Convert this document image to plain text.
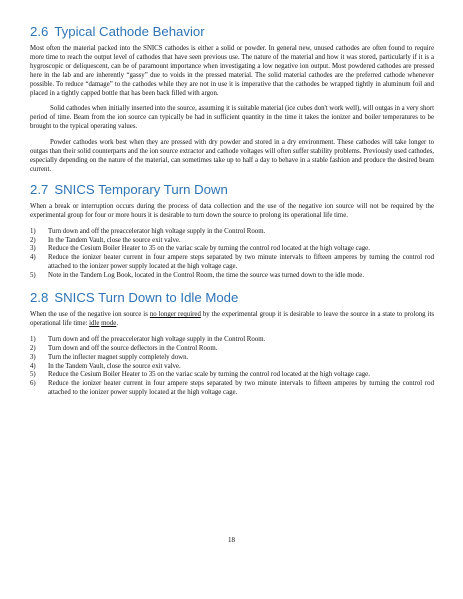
2.6 Typical Cathode Behavior

Most often the material packed into the SNICS cathodes is either a solid or powder. In general new, unused cathodes are often found to require more time to reach the output level of cathodes that have seen previous use. The nature of the material and how it was stored, particularly if it is a hygroscopic or deliquescent, can be of paramount importance when investigating a low negative ion output. Most powdered cathodes are pressed here in the lab and are inherently “gassy” due to voids in the pressed material. The solid material cathodes are the preferred cathode whenever possible. To reduce “damage” to the cathodes while they are not in use it is imperative that the cathodes be wrapped tightly in aluminum foil and placed in a tightly capped bottle that has been back filled with argon.

Solid cathodes when initially inserted into the source, assuming it is suitable material (ice cubes don't work well), will outgas in a very short period of time. Beam from the ion source can typically be had in sufficient quantity in the time it takes the ionizer and boiler temperatures to be brought to the typical operating values.

Powder cathodes work best when they are pressed with dry powder and stored in a dry environment. These cathodes will take longer to outgas than their solid counterparts and the ion source extractor and cathode voltages will often suffer stability problems. Previously used cathodes, especially depending on the nature of the material, can sometimes take up to half a day to behave in a stable fashion and produce the desired beam current.

2.7 SNICS Temporary Turn Down

When a break or interruption occurs during the process of data collection and the use of the negative ion source will not be required by the experimental group for four or more hours it is desirable to turn down the source to prolong its operational life time.

1) Turn down and off the preaccelerator high voltage supply in the Control Room.
2) In the Tandem Vault, close the source exit valve.
3) Reduce the Cesium Boiler Heater to 35 on the variac scale by turning the control rod located at the high voltage cage.
4) Reduce the ionizer heater current in four ampere steps separated by two minute intervals to fifteen amperes by turning the control rod attached to the ionizer power supply located at the high voltage cage.
5) Note in the Tandem Log Book, located in the Control Room, the time the source was turned down to the idle mode.
2.8 SNICS Turn Down to Idle Mode

When the use of the negative ion source is no longer required by the experimental group it is desirable to leave the source in a state to prolong its operational life time: idle mode.

1) Turn down and off the preaccelerator high voltage supply in the Control Room.
2) Turn down and off the source deflectors in the Control Room.
3) Turn the inflecter magnet supply completely down.
4) In the Tandem Vault, close the source exit valve.
5) Reduce the Cesium Boiler Heater to 35 on the variac scale by turning the control rod located at the high voltage cage.
6) Reduce the ionizer heater current in four ampere steps separated by two minute intervals to fifteen amperes by turning the control rod attached to the ionizer power supply located at the high voltage cage.
18
